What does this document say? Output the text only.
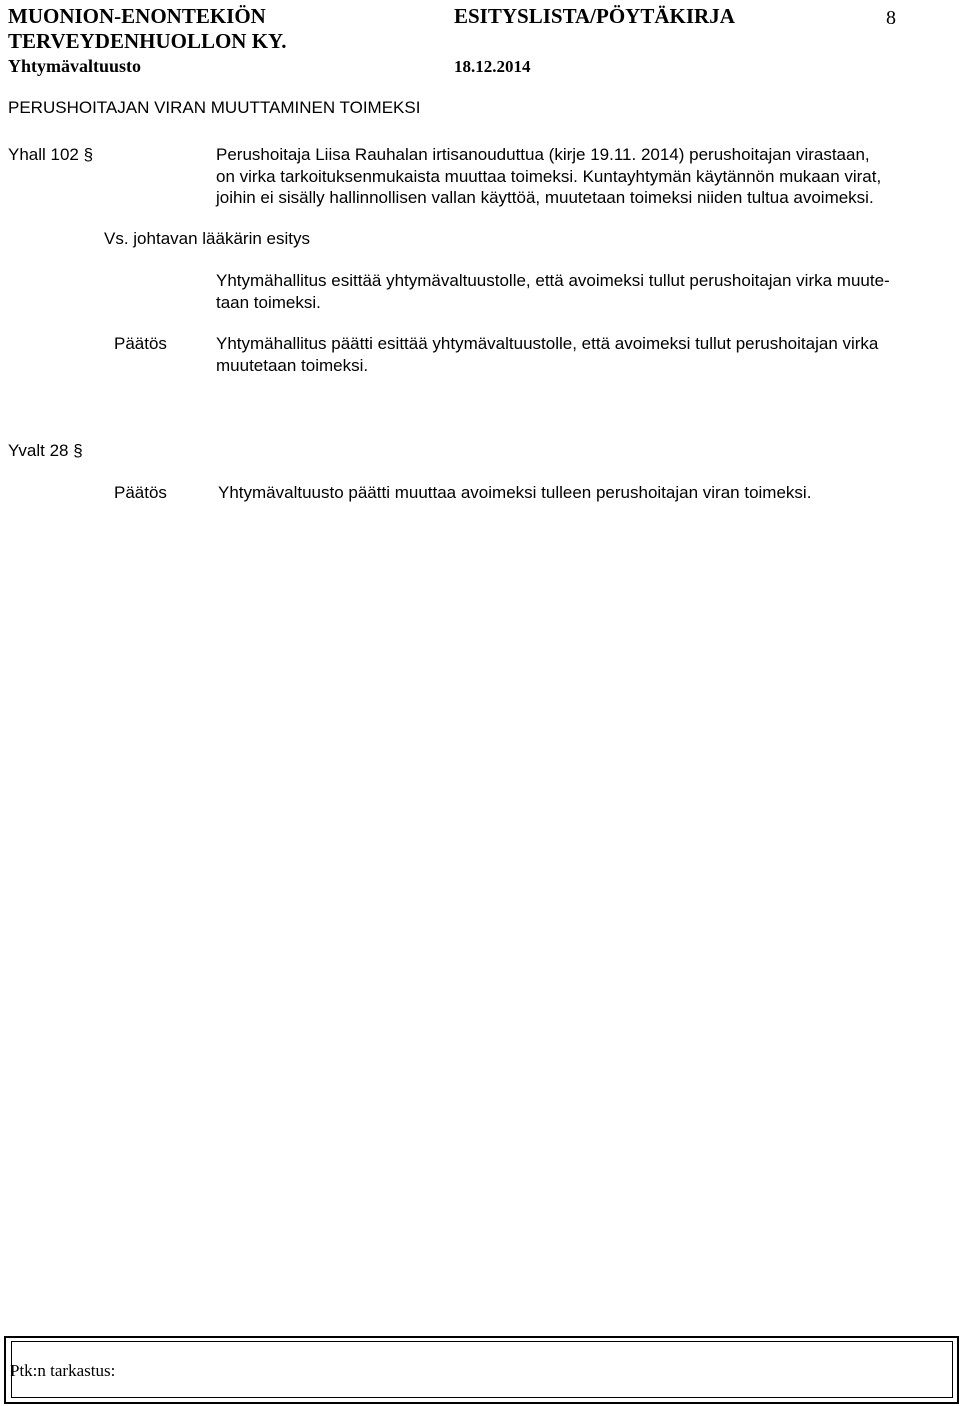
MUONION-ENONTEKIÖN
TERVEYDENHUOLLON KY.
Yhtymävaltuusto
ESITYSLISTA/PÖYTÄKIRJA
18.12.2014
8
PERUSHOITAJAN VIRAN MUUTTAMINEN TOIMEKSI
Yhall 102 §	Perushoitaja Liisa Rauhalan irtisanouduttua (kirje 19.11. 2014) perushoitajan virastaan,
on virka tarkoituksenmukaista muuttaa toimeksi. Kuntayhtymän käytännön mukaan virat,
joihin ei sisälly hallinnollisen vallan käyttöä, muutetaan toimeksi niiden tultua avoimeksi.
Vs. johtavan lääkärin esitys
Yhtymähallitus esittää yhtymävaltuustolle, että avoimeksi tullut perushoitajan virka muute-
taan toimeksi.
Päätös	Yhtymähallitus päätti esittää yhtymävaltuustolle, että avoimeksi tullut perushoitajan virka
muutetaan toimeksi.
Yvalt 28 §
Päätös	Yhtymävaltuusto päätti muuttaa avoimeksi tulleen perushoitajan viran toimeksi.
Ptk:n tarkastus:
